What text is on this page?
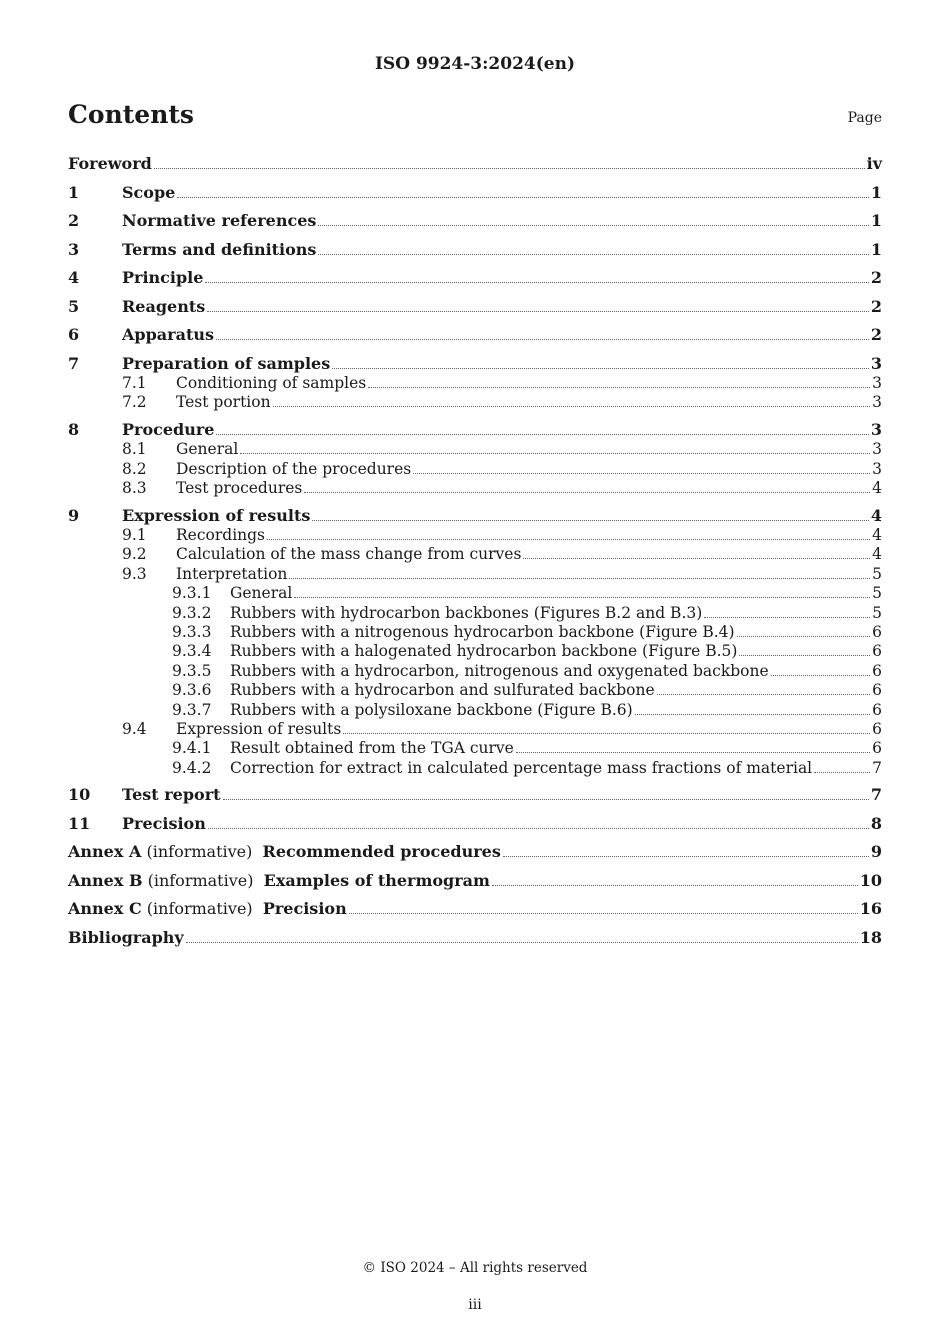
ISO 9924-3:2024(en)
Contents	Page
Foreword	iv
1	Scope	1
2	Normative references	1
3	Terms and definitions	1
4	Principle	2
5	Reagents	2
6	Apparatus	2
7	Preparation of samples	3
7.1 Conditioning of samples	3
7.2 Test portion	3
8	Procedure	3
8.1 General	3
8.2 Description of the procedures	3
8.3 Test procedures	4
9	Expression of results	4
9.1 Recordings	4
9.2 Calculation of the mass change from curves	4
9.3 Interpretation	5
9.3.1 General	5
9.3.2 Rubbers with hydrocarbon backbones (Figures B.2 and B.3)	5
9.3.3 Rubbers with a nitrogenous hydrocarbon backbone (Figure B.4)	6
9.3.4 Rubbers with a halogenated hydrocarbon backbone (Figure B.5)	6
9.3.5 Rubbers with a hydrocarbon, nitrogenous and oxygenated backbone	6
9.3.6 Rubbers with a hydrocarbon and sulfurated backbone	6
9.3.7 Rubbers with a polysiloxane backbone (Figure B.6)	6
9.4 Expression of results	6
9.4.1 Result obtained from the TGA curve	6
9.4.2 Correction for extract in calculated percentage mass fractions of material	7
10 Test report	7
11 Precision	8
Annex A (informative) Recommended procedures	9
Annex B (informative) Examples of thermogram	10
Annex C (informative) Precision	16
Bibliography	18
© ISO 2024 – All rights reserved
iii
